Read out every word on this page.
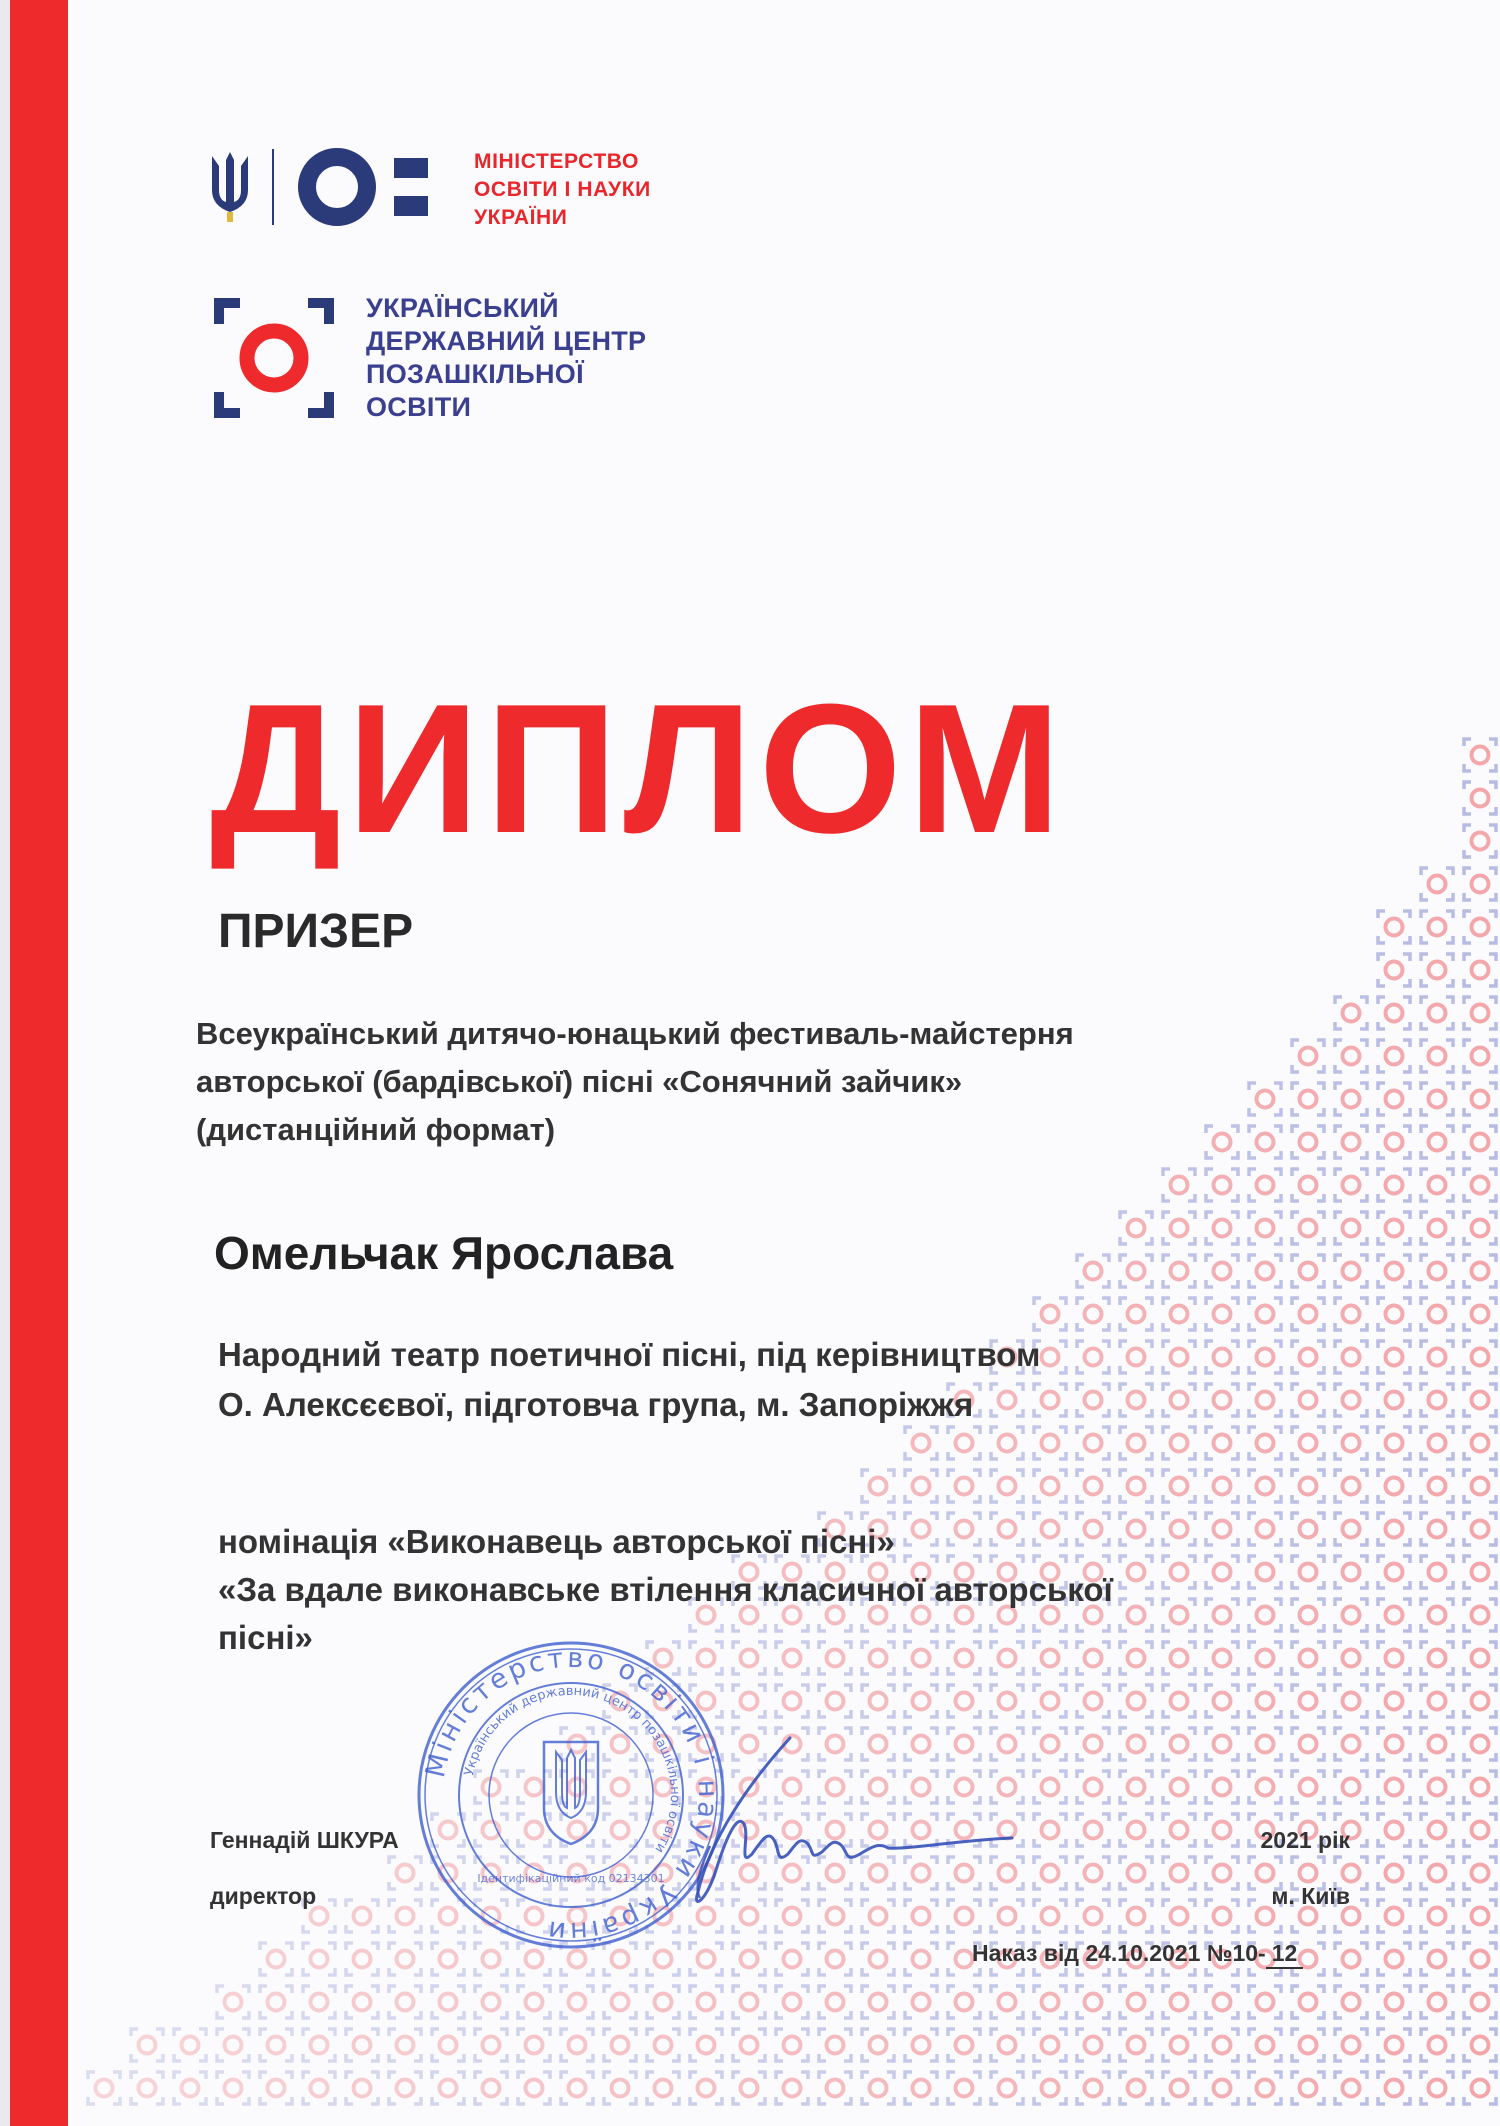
МІНІСТЕРСТВО
ОСВІТИ І НАУКИ
УКРАЇНИ
УКРАЇНСЬКИЙ
ДЕРЖАВНИЙ ЦЕНТР
ПОЗАШКІЛЬНОЇ
ОСВІТИ
ДИПЛОМ
ПРИЗЕР
Всеукраїнський дитячо-юнацький фестиваль-майстерня
авторської (бардівської) пісні «Сонячний зайчик»
(дистанційний формат)
Омельчак Ярослава
Народний театр поетичної пісні, під керівництвом
О. Алексєєвої, підготовча група, м. Запоріжжя
номінація «Виконавець авторської пісні»
«За вдале виконавське втілення класичної авторської
пісні»
Міністерство освіти і науки України
Український державний центр позашкільної освіти
Ідентифікаційний код 02134301
Геннадій ШКУРА
директор
2021 рік
м. Київ
Наказ від 24.10.2021 №10- 12
